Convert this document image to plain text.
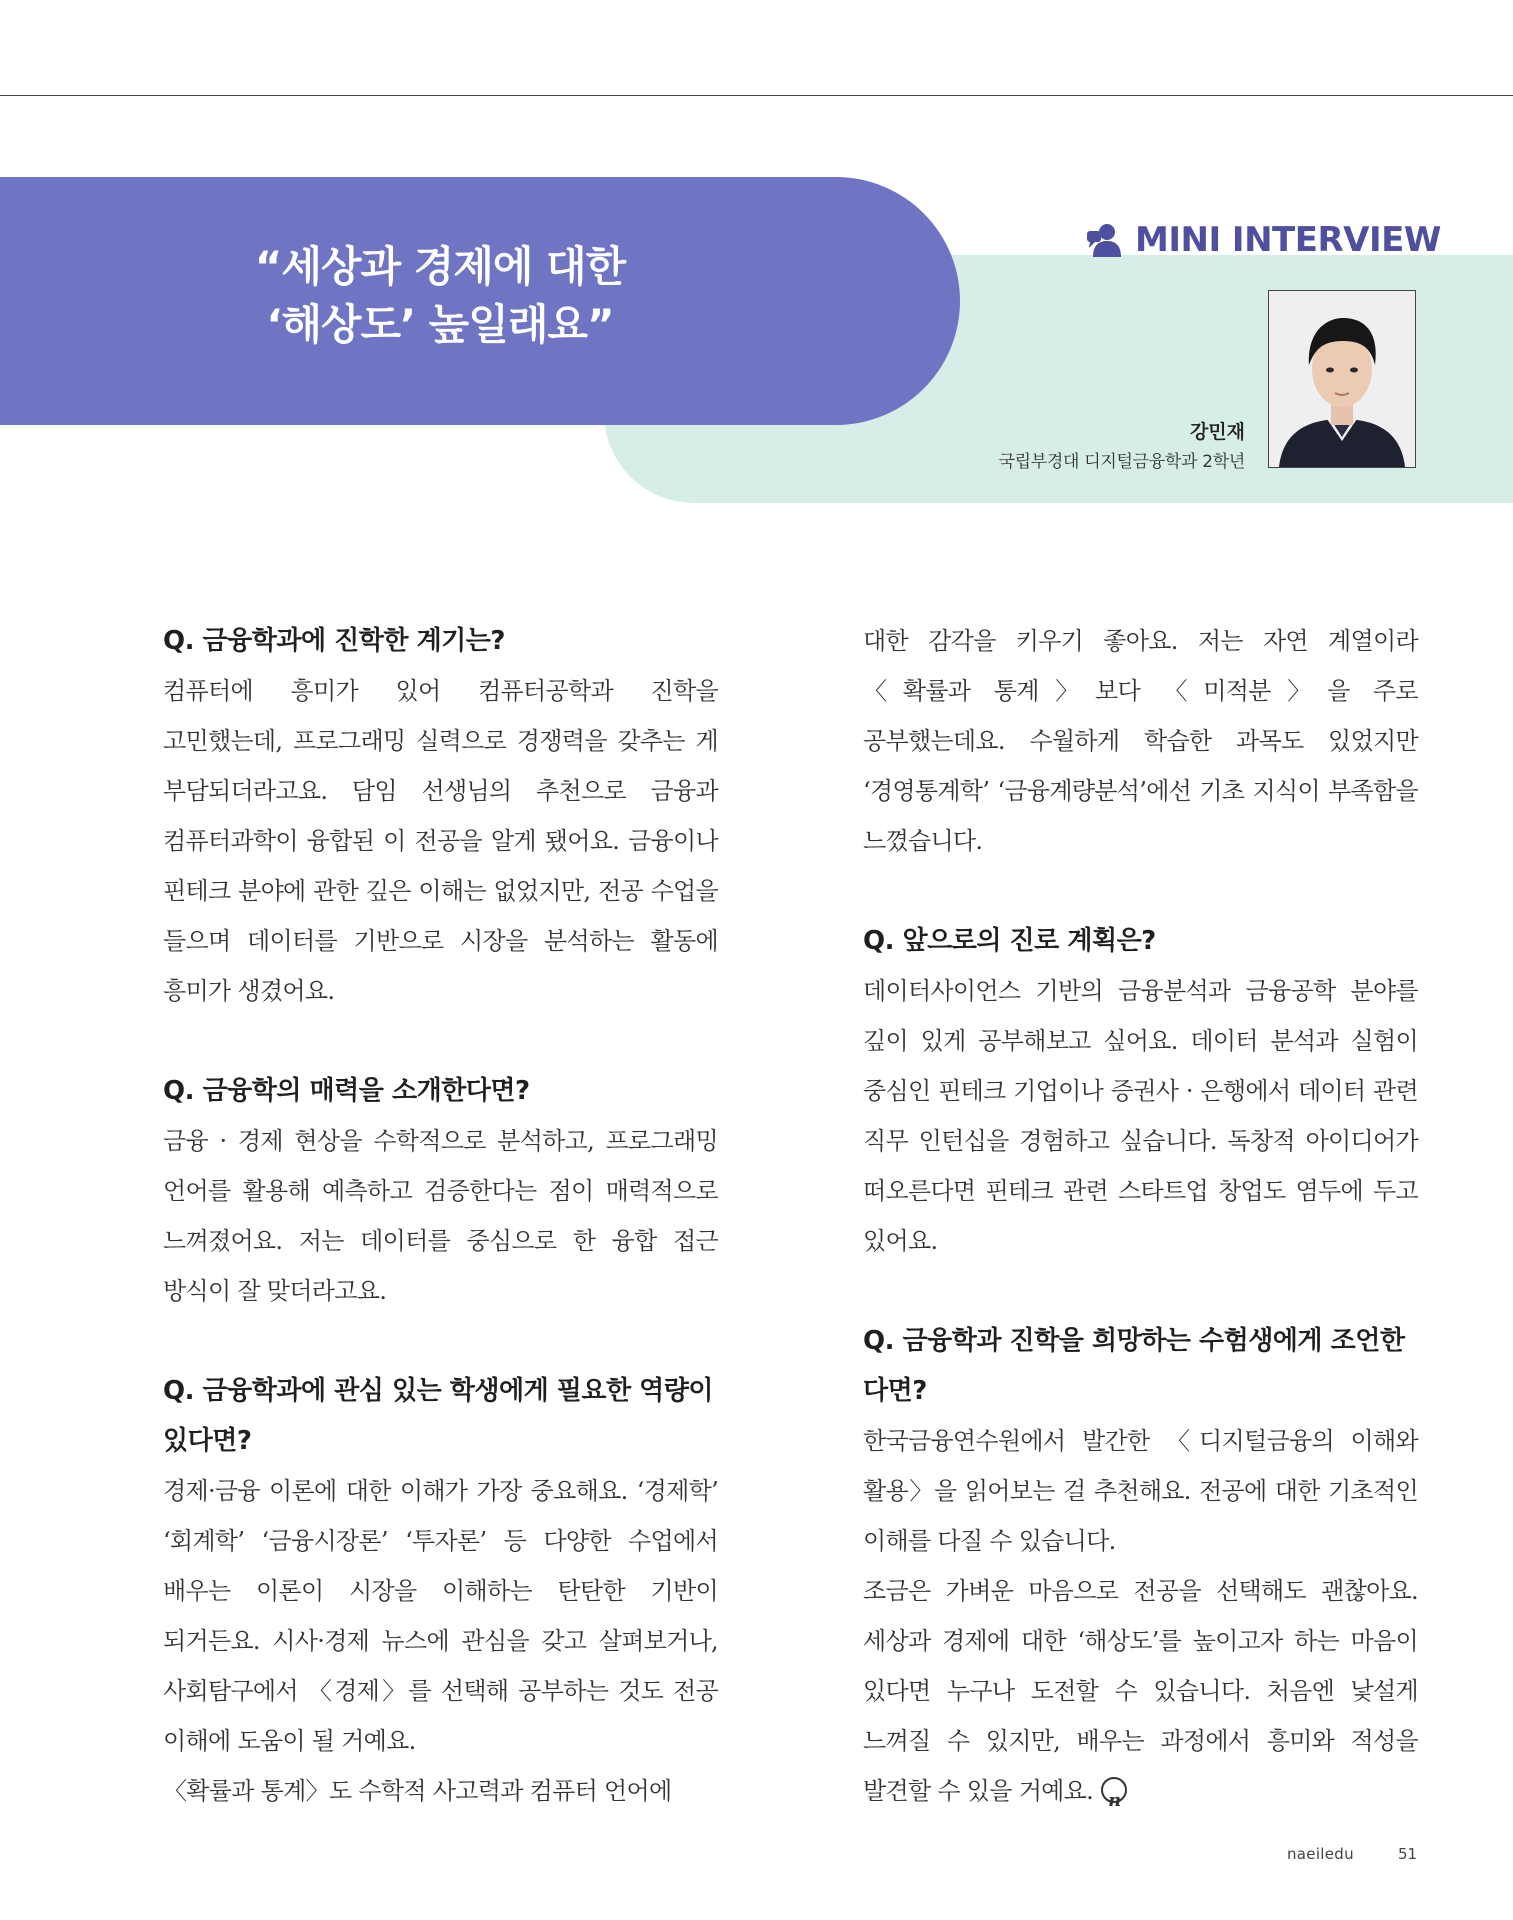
“세상과 경제에 대한
‘해상도’ 높일래요”
MINI INTERVIEW
강민재
국립부경대 디지털금융학과 2학년

Q. 금융학과에 진학한 계기는?

컴퓨터에 흥미가 있어 컴퓨터공학과 진학을 고민했는데, 프로그래밍 실력으로 경쟁력을 갖추는 게 부담되더라고요. 담임 선생님의 추천으로 금융과 컴퓨터과학이 융합된 이 전공을 알게 됐어요. 금융이나 핀테크 분야에 관한 깊은 이해는 없었지만, 전공 수업을 들으며 데이터를 기반으로 시장을 분석하는 활동에 흥미가 생겼어요.

Q. 금융학의 매력을 소개한다면?

금융 · 경제 현상을 수학적으로 분석하고, 프로그래밍 언어를 활용해 예측하고 검증한다는 점이 매력적으로 느껴졌어요. 저는 데이터를 중심으로 한 융합 접근 방식이 잘 맞더라고요.

Q. 금융학과에 관심 있는 학생에게 필요한 역량이 있다면?

경제·금융 이론에 대한 이해가 가장 중요해요. ‘경제학’ ‘회계학’ ‘금융시장론’ ‘투자론’ 등 다양한 수업에서 배우는 이론이 시장을 이해하는 탄탄한 기반이 되거든요. 시사·경제 뉴스에 관심을 갖고 살펴보거나, 사회탐구에서 〈경제〉를 선택해 공부하는 것도 전공 이해에 도움이 될 거예요.

〈확률과 통계〉도 수학적 사고력과 컴퓨터 언어에

대한 감각을 키우기 좋아요. 저는 자연 계열이라 〈확률과 통계〉보다 〈미적분〉을 주로 공부했는데요. 수월하게 학습한 과목도 있었지만 ‘경영통계학’ ‘금융계량분석’에선 기초 지식이 부족함을 느꼈습니다.

Q. 앞으로의 진로 계획은?

데이터사이언스 기반의 금융분석과 금융공학 분야를 깊이 있게 공부해보고 싶어요. 데이터 분석과 실험이 중심인 핀테크 기업이나 증권사 · 은행에서 데이터 관련 직무 인턴십을 경험하고 싶습니다. 독창적 아이디어가 떠오른다면 핀테크 관련 스타트업 창업도 염두에 두고 있어요.

Q. 금융학과 진학을 희망하는 수험생에게 조언한다면?

한국금융연수원에서 발간한 〈디지털금융의 이해와 활용〉을 읽어보는 걸 추천해요. 전공에 대한 기초적인 이해를 다질 수 있습니다.

조금은 가벼운 마음으로 전공을 선택해도 괜찮아요. 세상과 경제에 대한 ‘해상도’를 높이고자 하는 마음이 있다면 누구나 도전할 수 있습니다. 처음엔 낯설게 느껴질 수 있지만, 배우는 과정에서 흥미와 적성을 발견할 수 있을 거예요.n

naeiledu	51
